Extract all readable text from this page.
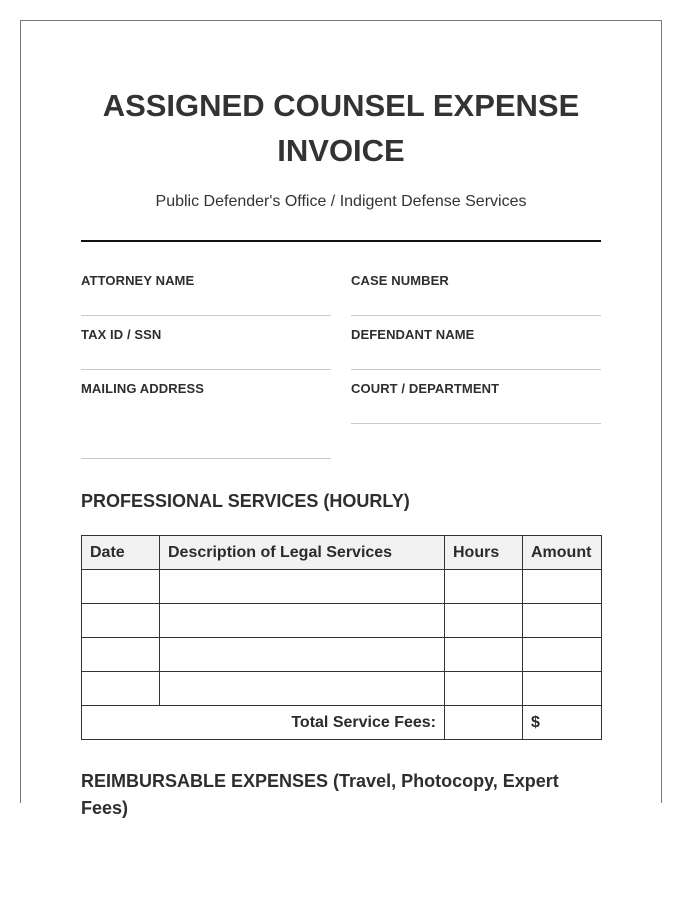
ASSIGNED COUNSEL EXPENSE
INVOICE
Public Defender's Office / Indigent Defense Services
ATTORNEY NAME
TAX ID / SSN
MAILING ADDRESS
CASE NUMBER
DEFENDANT NAME
COURT / DEPARTMENT
PROFESSIONAL SERVICES (HOURLY)
Date	Description of Legal Services	Hours	Amount

Total Service Fees:			$
REIMBURSABLE EXPENSES (Travel, Photocopy, Expert Fees)
